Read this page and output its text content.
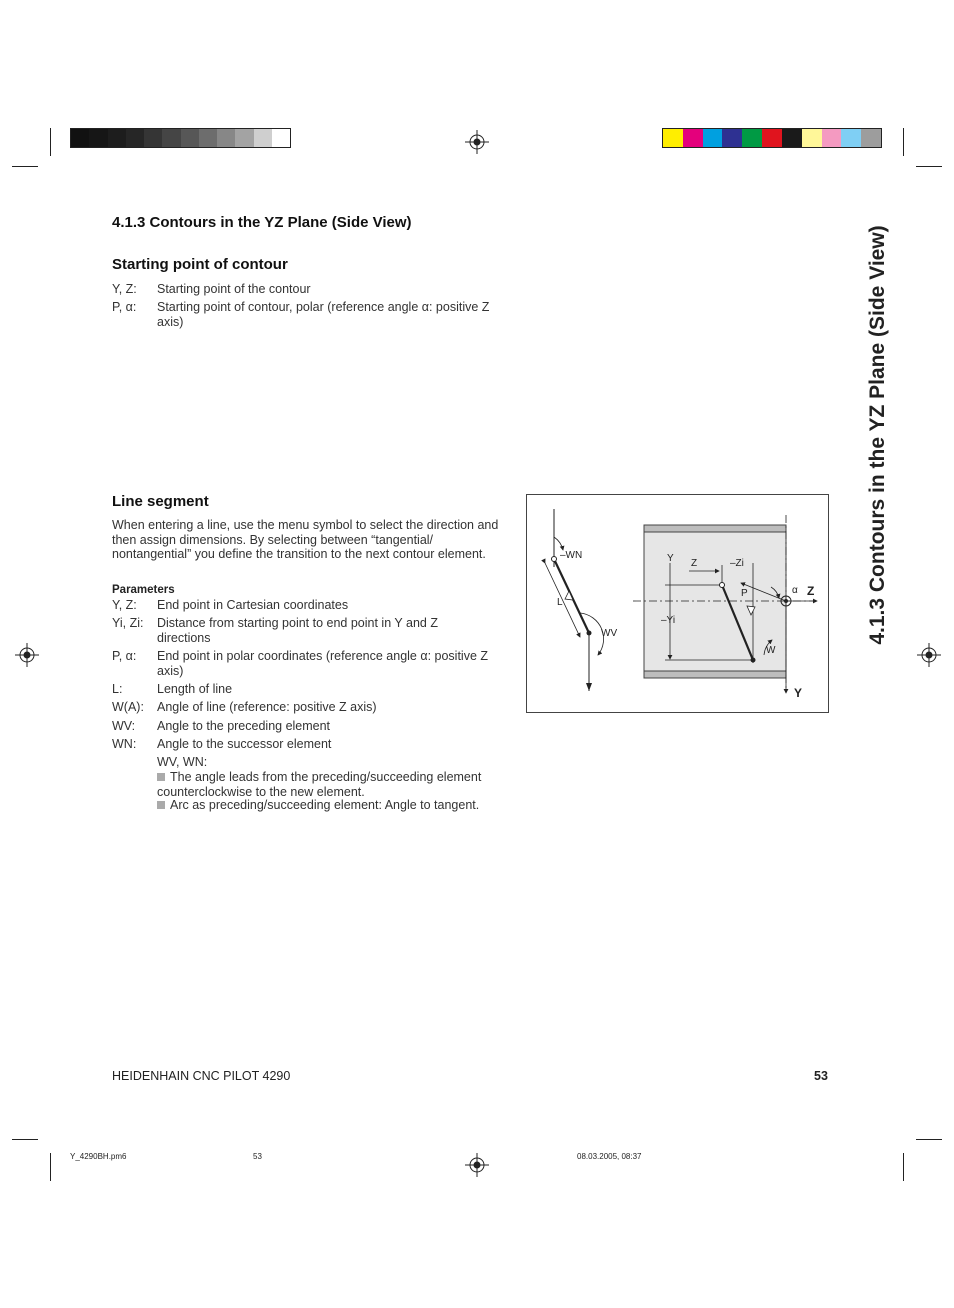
4.1.3 Contours in the YZ Plane (Side View)
Starting point of contour
Y, Z:	Starting point of the contour
P, α:	Starting point of contour, polar (reference angle α: positive Z axis)
Line segment
When entering a line, use the menu symbol to select the direction and then assign dimensions. By selecting between “tangential/ nontangential” you define the transition to the next contour element.
Parameters
Y, Z:	End point in Cartesian coordinates
Yi, Zi:	Distance from starting point to end point in Y and Z directions
P, α:	End point in polar coordinates (reference angle α: positive Z axis)
L:	Length of line
W(A):	Angle of line (reference: positive Z axis)
WV:	Angle to the preceding element
WN:	Angle to the successor element
WV, WN:
The angle leads from the preceding/succeeding element counterclockwise to the new element.
Arc as preceding/succeeding element: Angle to tangent.
–WN
L
WV
Y Z	–Zi
P	α
–Yi
W
Z
Y
4.1.3 Contours in the YZ Plane (Side View)
HEIDENHAIN CNC PILOT 4290	53
Y_4290BH.pm6	53	08.03.2005, 08:37
